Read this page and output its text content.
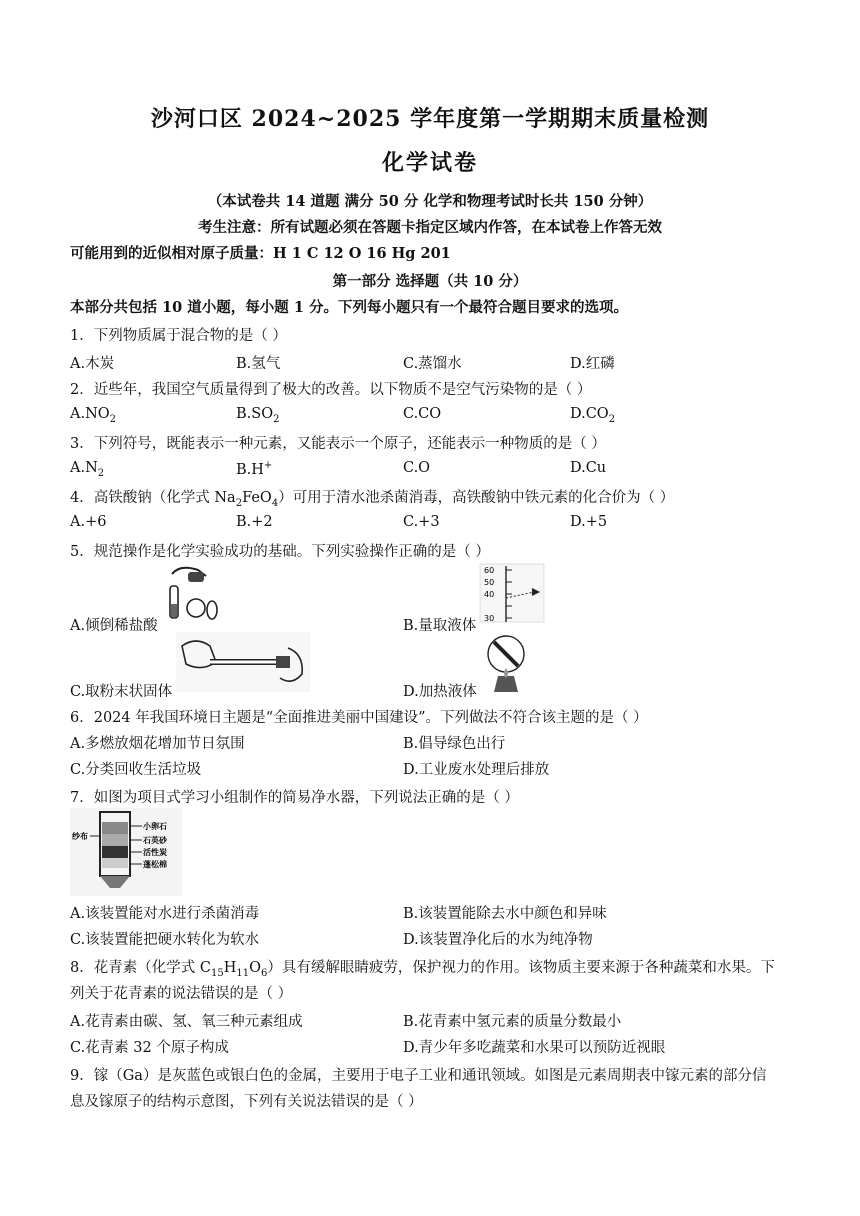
沙河口区 2024~2025 学年度第一学期期末质量检测
化学试卷
（本试卷共 14 道题 满分 50 分 化学和物理考试时长共 150 分钟）
考生注意：所有试题必须在答题卡指定区域内作答，在本试卷上作答无效
可能用到的近似相对原子质量：H 1 C 12 O 16 Hg 201
第一部分 选择题（共 10 分）
本部分共包括 10 道小题，每小题 1 分。下列每小题只有一个最符合题目要求的选项。
1．下列物质属于混合物的是（ ）
A.木炭	B.氢气	C.蒸馏水	D.红磷
2．近些年，我国空气质量得到了极大的改善。以下物质不是空气污染物的是（ ）
$A.NO_2$	$B.SO_2$	C.CO	$D.CO_2$
3．下列符号，既能表示一种元素，又能表示一个原子，还能表示一种物质的是（ ）
$A.N_2$	B.H+	C.O	D.Cu
4．高铁酸钠（化学式 $Na_2FeO_4$）可用于清水池杀菌消毒，高铁酸钠中铁元素的化合价为（ ）
A.+6	B.+2	C.+3	D.+5
5．规范操作是化学实验成功的基础。下列实验操作正确的是（ ）
A.倾倒稀盐酸
60
50
40
30
B.量取液体
C.取粉末状固体	D.加热液体
6．2024 年我国环境日主题是“全面推进美丽中国建设”。下列做法不符合该主题的是（ ）
A.多燃放烟花增加节日氛围	B.倡导绿色出行
C.分类回收生活垃圾	D.工业废水处理后排放
7．如图为项目式学习小组制作的简易净水器，下列说法正确的是（ ）
纱布
小卵石
石英砂
活性炭
蓬松棉
A.该装置能对水进行杀菌消毒	B.该装置能除去水中颜色和异味
C.该装置能把硬水转化为软水	D.该装置净化后的水为纯净物
8．花青素（化学式 $C_{15}H_{11}O_6$）具有缓解眼睛疲劳，保护视力的作用。该物质主要来源于各种蔬菜和水果。下
列关于花青素的说法错误的是（ ）
A.花青素由碳、氢、氧三种元素组成	B.花青素中氢元素的质量分数最小
C.花青素 32 个原子构成	D.青少年多吃蔬菜和水果可以预防近视眼
9．镓（Ga）是灰蓝色或银白色的金属，主要用于电子工业和通讯领域。如图是元素周期表中镓元素的部分信
息及镓原子的结构示意图，下列有关说法错误的是（ ）
